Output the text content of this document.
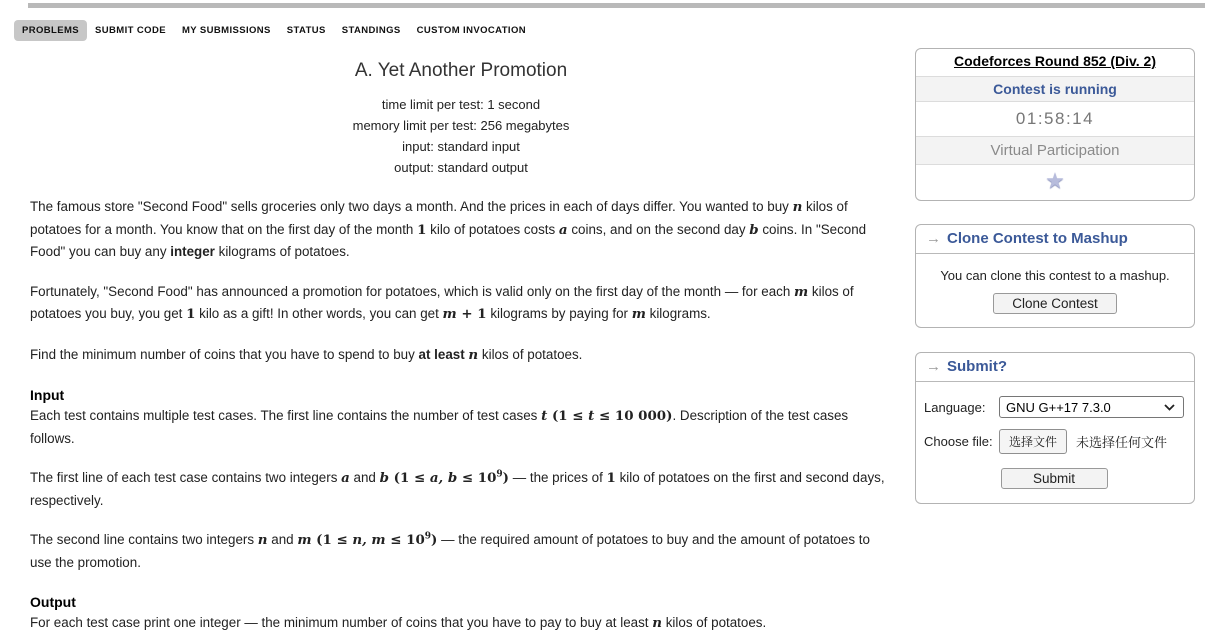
PROBLEMS	SUBMIT CODE	MY SUBMISSIONS	STATUS	STANDINGS	CUSTOM INVOCATION
A. Yet Another Promotion
time limit per test: 1 second
memory limit per test: 256 megabytes
input: standard input
output: standard output

The famous store "Second Food" sells groceries only two days a month. And the prices in each of days differ. You wanted to buy n kilos of potatoes for a month. You know that on the first day of the month 1 kilo of potatoes costs a coins, and on the second day b coins. In "Second Food" you can buy any integer kilograms of potatoes.

Fortunately, "Second Food" has announced a promotion for potatoes, which is valid only on the first day of the month — for each m kilos of potatoes you buy, you get 1 kilo as a gift! In other words, you can get m + 1 kilograms by paying for m kilograms.

Find the minimum number of coins that you have to spend to buy at least n kilos of potatoes.

Input

Each test contains multiple test cases. The first line contains the number of test cases t (1 ≤ t ≤ 10 000). Description of the test cases follows.

The first line of each test case contains two integers a and b (1 ≤ a, $b \le 10^9$) — the prices of 1 kilo of potatoes on the first and second days, respectively.

The second line contains two integers n and m (1 ≤ n, $m \le 10^9$) — the required amount of potatoes to buy and the amount of potatoes to use the promotion.

Output

For each test case print one integer — the minimum number of coins that you have to pay to buy at least n kilos of potatoes.

Codeforces Round 852 (Div. 2)
Contest is running
01:58:14
Virtual Participation
★
→ Clone Contest to Mashup
You can clone this contest to a mashup.
Clone Contest
→ Submit?
Language:	GNU G++17 7.3.0
Choose file:	选择文件	未选择任何文件
Submit
